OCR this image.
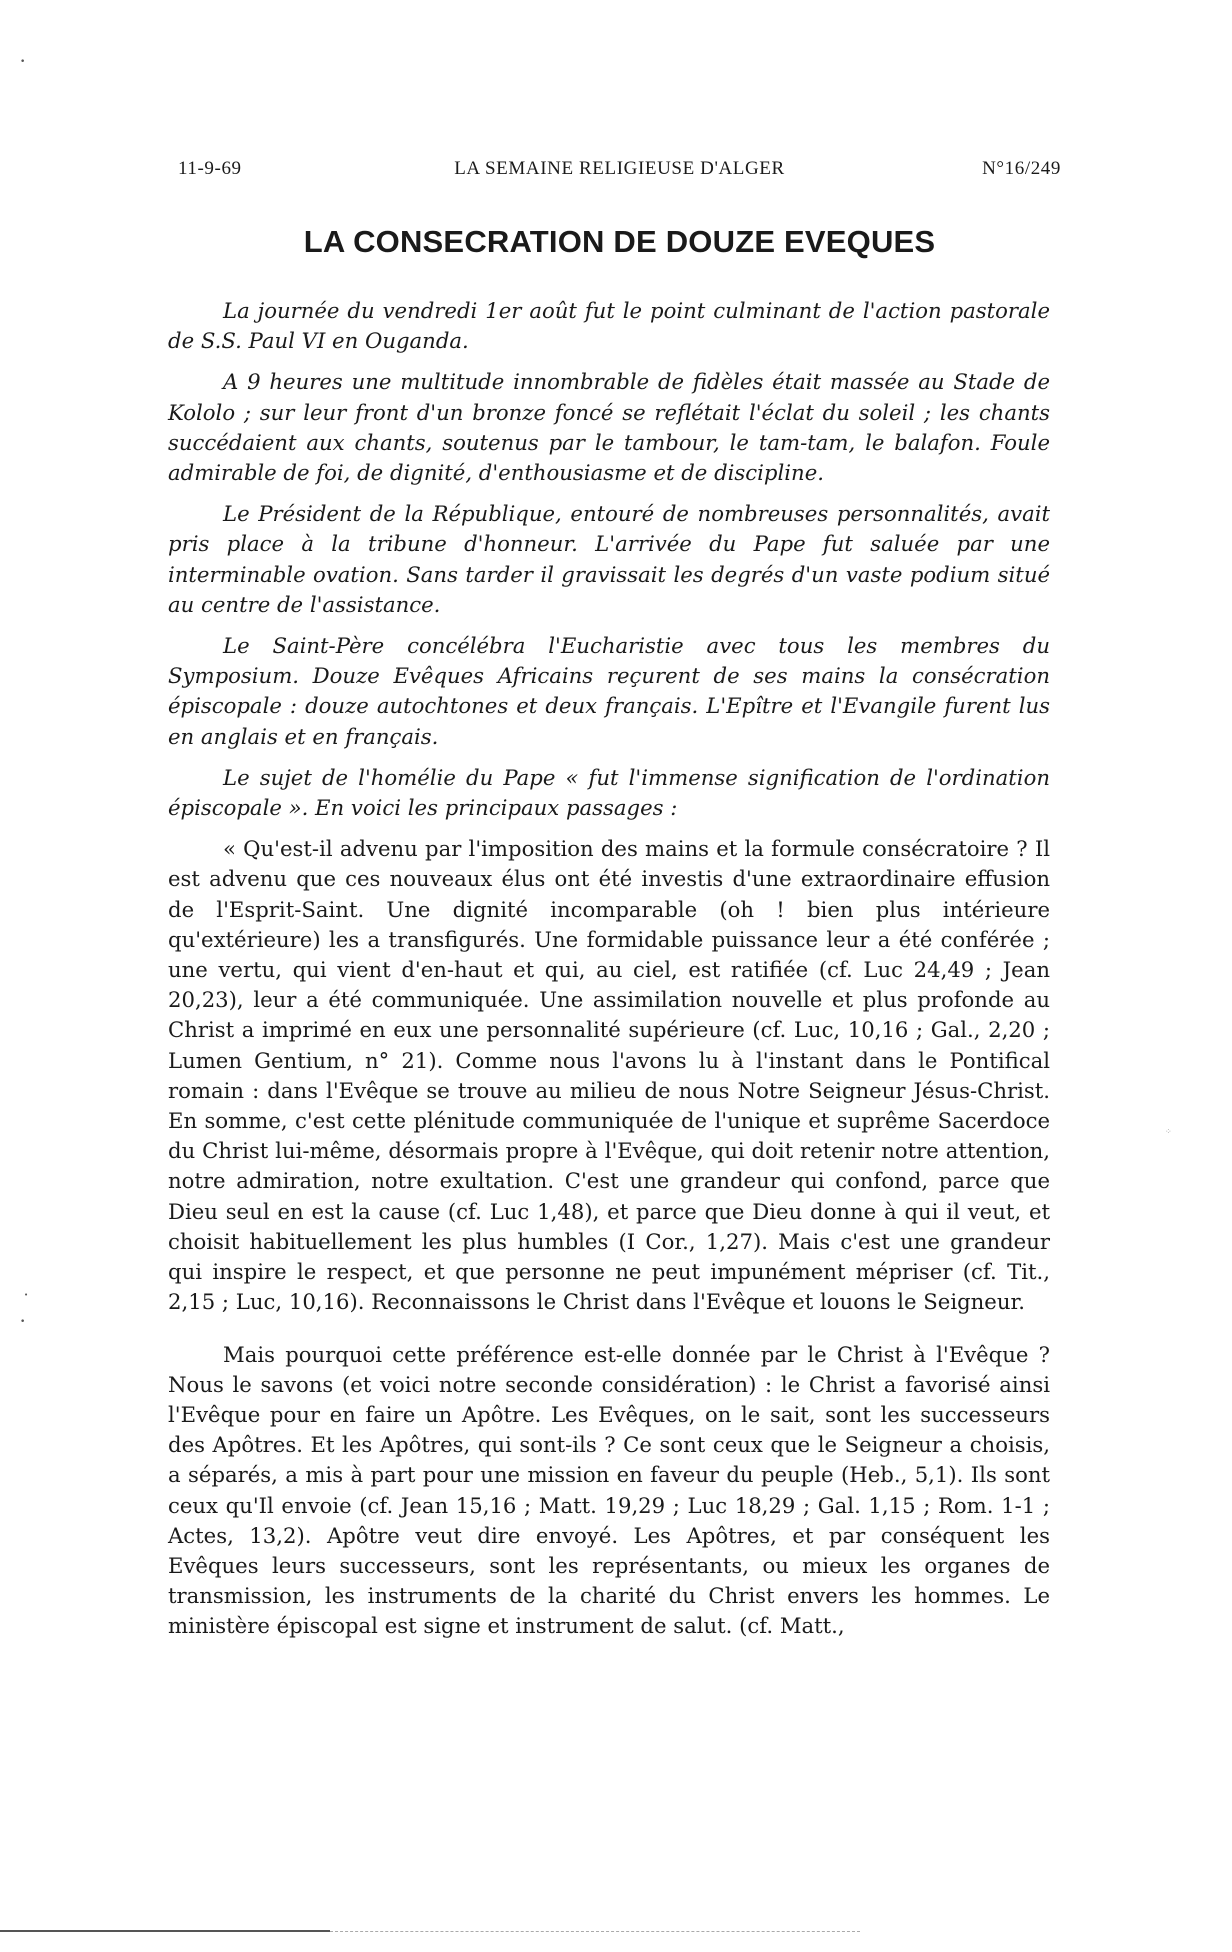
•
•
•
⁘
11-9-69	LA SEMAINE RELIGIEUSE D'ALGER	N°16/249
LA CONSECRATION DE DOUZE EVEQUES

La journée du vendredi 1er août fut le point culminant de l'action pastorale de S.S. Paul VI en Ouganda.

A 9 heures une multitude innombrable de fidèles était massée au Stade de Kololo ; sur leur front d'un bronze foncé se reflétait l'éclat du soleil ; les chants succédaient aux chants, soutenus par le tambour, le tam-tam, le balafon. Foule admirable de foi, de dignité, d'enthousiasme et de discipline.

Le Président de la République, entouré de nombreuses personnalités, avait pris place à la tribune d'honneur. L'arrivée du Pape fut saluée par une interminable ovation. Sans tarder il gravissait les degrés d'un vaste podium situé au centre de l'assistance.

Le Saint-Père concélébra l'Eucharistie avec tous les membres du Symposium. Douze Evêques Africains reçurent de ses mains la consécration épiscopale : douze autochtones et deux français. L'Epître et l'Evangile furent lus en anglais et en français.

Le sujet de l'homélie du Pape « fut l'immense signification de l'ordination épiscopale ». En voici les principaux passages :

« Qu'est-il advenu par l'imposition des mains et la formule consécratoire ? Il est advenu que ces nouveaux élus ont été investis d'une extraordinaire effusion de l'Esprit-Saint. Une dignité incomparable (oh ! bien plus intérieure qu'extérieure) les a transfigurés. Une formidable puissance leur a été conférée ; une vertu, qui vient d'en-haut et qui, au ciel, est ratifiée (cf. Luc 24,49 ; Jean 20,23), leur a été communiquée. Une assimilation nouvelle et plus profonde au Christ a imprimé en eux une personnalité supérieure (cf. Luc, 10,16 ; Gal., 2,20 ; Lumen Gentium, n° 21). Comme nous l'avons lu à l'instant dans le Pontifical romain : dans l'Evêque se trouve au milieu de nous Notre Seigneur Jésus-Christ. En somme, c'est cette plénitude communiquée de l'unique et suprême Sacerdoce du Christ lui-même, désormais propre à l'Evêque, qui doit retenir notre attention, notre admiration, notre exultation. C'est une grandeur qui confond, parce que Dieu seul en est la cause (cf. Luc 1,48), et parce que Dieu donne à qui il veut, et choisit habituellement les plus humbles (I Cor., 1,27). Mais c'est une grandeur qui inspire le respect, et que personne ne peut impunément mépriser (cf. Tit., 2,15 ; Luc, 10,16). Reconnaissons le Christ dans l'Evêque et louons le Seigneur.

Mais pourquoi cette préférence est-elle donnée par le Christ à l'Evêque ? Nous le savons (et voici notre seconde considération) : le Christ a favorisé ainsi l'Evêque pour en faire un Apôtre. Les Evêques, on le sait, sont les successeurs des Apôtres. Et les Apôtres, qui sont-ils ? Ce sont ceux que le Seigneur a choisis, a séparés, a mis à part pour une mission en faveur du peuple (Heb., 5,1). Ils sont ceux qu'Il envoie (cf. Jean 15,16 ; Matt. 19,29 ; Luc 18,29 ; Gal. 1,15 ; Rom. 1-1 ; Actes, 13,2). Apôtre veut dire envoyé. Les Apôtres, et par conséquent les Evêques leurs successeurs, sont les représentants, ou mieux les organes de transmission, les instruments de la charité du Christ envers les hommes. Le ministère épiscopal est signe et instrument de salut. (cf. Matt.,
